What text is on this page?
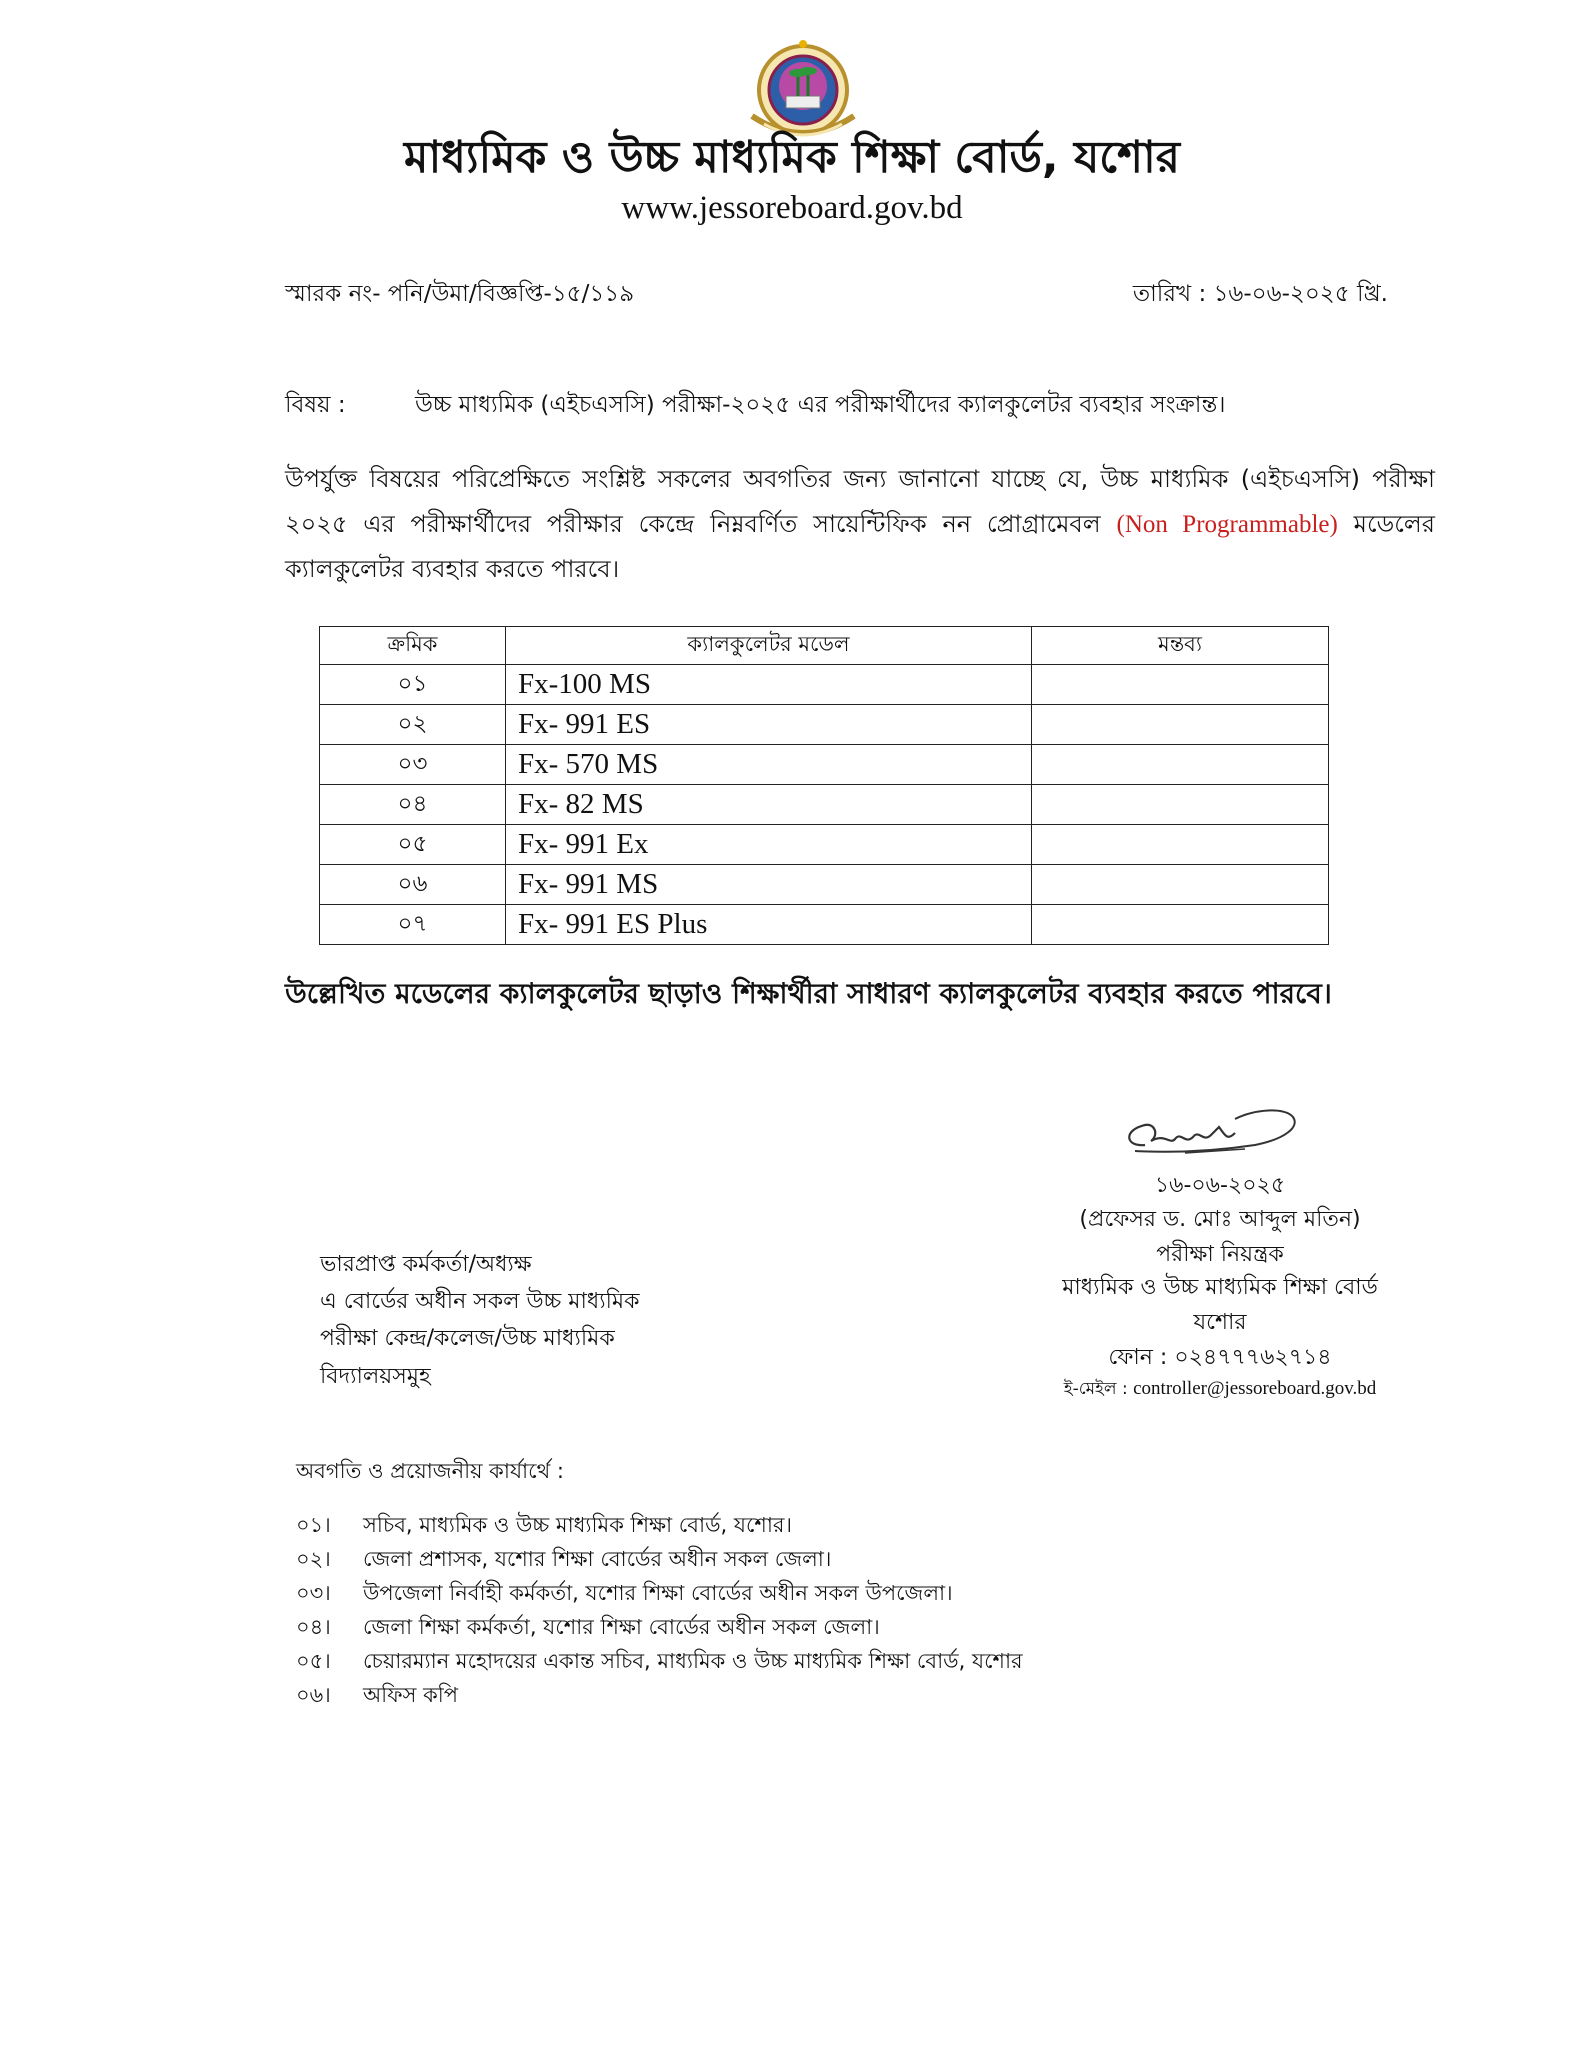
মাধ্যমিক ও উচ্চ মাধ্যমিক শিক্ষা বোর্ড, যশোর
www.jessoreboard.gov.bd
স্মারক নং- পনি/উমা/বিজ্ঞপ্তি-১৫/১১৯	তারিখ : ১৬-০৬-২০২৫ খ্রি.
বিষয় :	উচ্চ মাধ্যমিক (এইচএসসি) পরীক্ষা-২০২৫ এর পরীক্ষার্থীদের ক্যালকুলেটর ব্যবহার সংক্রান্ত।
উপর্যুক্ত বিষয়ের পরিপ্রেক্ষিতে সংশ্লিষ্ট সকলের অবগতির জন্য জানানো যাচ্ছে যে, উচ্চ মাধ্যমিক (এইচএসসি) পরীক্ষা ২০২৫ এর পরীক্ষার্থীদের পরীক্ষার কেন্দ্রে নিম্নবর্ণিত সায়েন্টিফিক নন প্রোগ্রামেবল (Non Programmable) মডেলের ক্যালকুলেটর ব্যবহার করতে পারবে।
ক্রমিক	ক্যালকুলেটর মডেল	মন্তব্য
০১	Fx-100 MS	
০২	Fx- 991 ES	
০৩	Fx- 570 MS	
০৪	Fx- 82 MS	
০৫	Fx- 991 Ex	
০৬	Fx- 991 MS	
০৭	Fx- 991 ES Plus	
উল্লেখিত মডেলের ক্যালকুলেটর ছাড়াও শিক্ষার্থীরা সাধারণ ক্যালকুলেটর ব্যবহার করতে পারবে।
১৬-০৬-২০২৫
(প্রফেসর ড. মোঃ আব্দুল মতিন)
পরীক্ষা নিয়ন্ত্রক
মাধ্যমিক ও উচ্চ মাধ্যমিক শিক্ষা বোর্ড
যশোর
ফোন : ০২৪৭৭৭৬২৭১৪
ই-মেইল : controller@jessoreboard.gov.bd
ভারপ্রাপ্ত কর্মকর্তা/অধ্যক্ষ
এ বোর্ডের অধীন সকল উচ্চ মাধ্যমিক
পরীক্ষা কেন্দ্র/কলেজ/উচ্চ মাধ্যমিক
বিদ্যালয়সমুহ
অবগতি ও প্রয়োজনীয় কার্যার্থে :
০১। সচিব, মাধ্যমিক ও উচ্চ মাধ্যমিক শিক্ষা বোর্ড, যশোর।
০২। জেলা প্রশাসক, যশোর শিক্ষা বোর্ডের অধীন সকল জেলা।
০৩। উপজেলা নির্বাহী কর্মকর্তা, যশোর শিক্ষা বোর্ডের অধীন সকল উপজেলা।
০৪। জেলা শিক্ষা কর্মকর্তা, যশোর শিক্ষা বোর্ডের অধীন সকল জেলা।
০৫। চেয়ারম্যান মহোদয়ের একান্ত সচিব, মাধ্যমিক ও উচ্চ মাধ্যমিক শিক্ষা বোর্ড, যশোর
০৬। অফিস কপি
